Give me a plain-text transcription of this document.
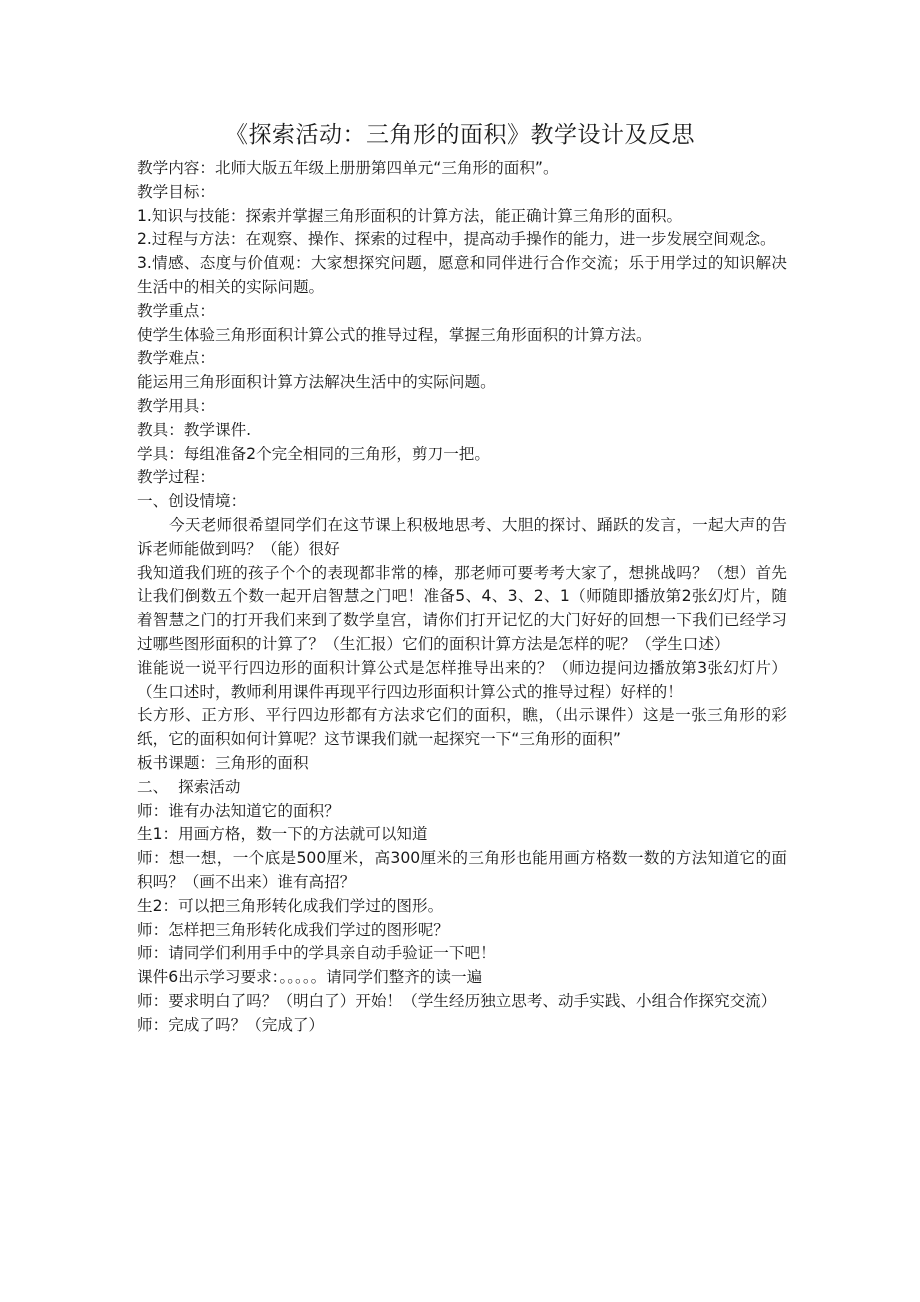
《探索活动：三角形的面积》教学设计及反思

教学内容：北师大版五年级上册册第四单元“三角形的面积”。

教学目标：

1.知识与技能：探索并掌握三角形面积的计算方法，能正确计算三角形的面积。

2.过程与方法：在观察、操作、探索的过程中，提高动手操作的能力，进一步发展空间观念。

3.情感、态度与价值观：大家想探究问题，愿意和同伴进行合作交流；乐于用学过的知识解决生活中的相关的实际问题。

教学重点：

使学生体验三角形面积计算公式的推导过程，掌握三角形面积的计算方法。

教学难点：

能运用三角形面积计算方法解决生活中的实际问题。

教学用具：

教具：教学课件.

学具：每组准备2个完全相同的三角形，剪刀一把。

教学过程：

一、创设情境：

今天老师很希望同学们在这节课上积极地思考、大胆的探讨、踊跃的发言，一起大声的告诉老师能做到吗？（能）很好

我知道我们班的孩子个个的表现都非常的棒，那老师可要考考大家了，想挑战吗？（想）首先让我们倒数五个数一起开启智慧之门吧！准备5、4、3、2、1（师随即播放第2张幻灯片，随着智慧之门的打开我们来到了数学皇宫，请你们打开记忆的大门好好的回想一下我们已经学习过哪些图形面积的计算了？（生汇报）它们的面积计算方法是怎样的呢？（学生口述）

谁能说一说平行四边形的面积计算公式是怎样推导出来的？（师边提问边播放第3张幻灯片）（生口述时，教师利用课件再现平行四边形面积计算公式的推导过程）好样的！

长方形、正方形、平行四边形都有方法求它们的面积，瞧，（出示课件）这是一张三角形的彩纸，它的面积如何计算呢？这节课我们就一起探究一下“三角形的面积”

板书课题：三角形的面积

二、  探索活动

师：谁有办法知道它的面积？

生1：用画方格，数一下的方法就可以知道

师：想一想，一个底是500厘米，高300厘米的三角形也能用画方格数一数的方法知道它的面积吗？（画不出来）谁有高招？

生2：可以把三角形转化成我们学过的图形。

师：怎样把三角形转化成我们学过的图形呢？

师：请同学们利用手中的学具亲自动手验证一下吧！

课件6出示学习要求：。。。。。请同学们整齐的读一遍

师：要求明白了吗？（明白了）开始！（学生经历独立思考、动手实践、小组合作探究交流）

师：完成了吗？（完成了）
